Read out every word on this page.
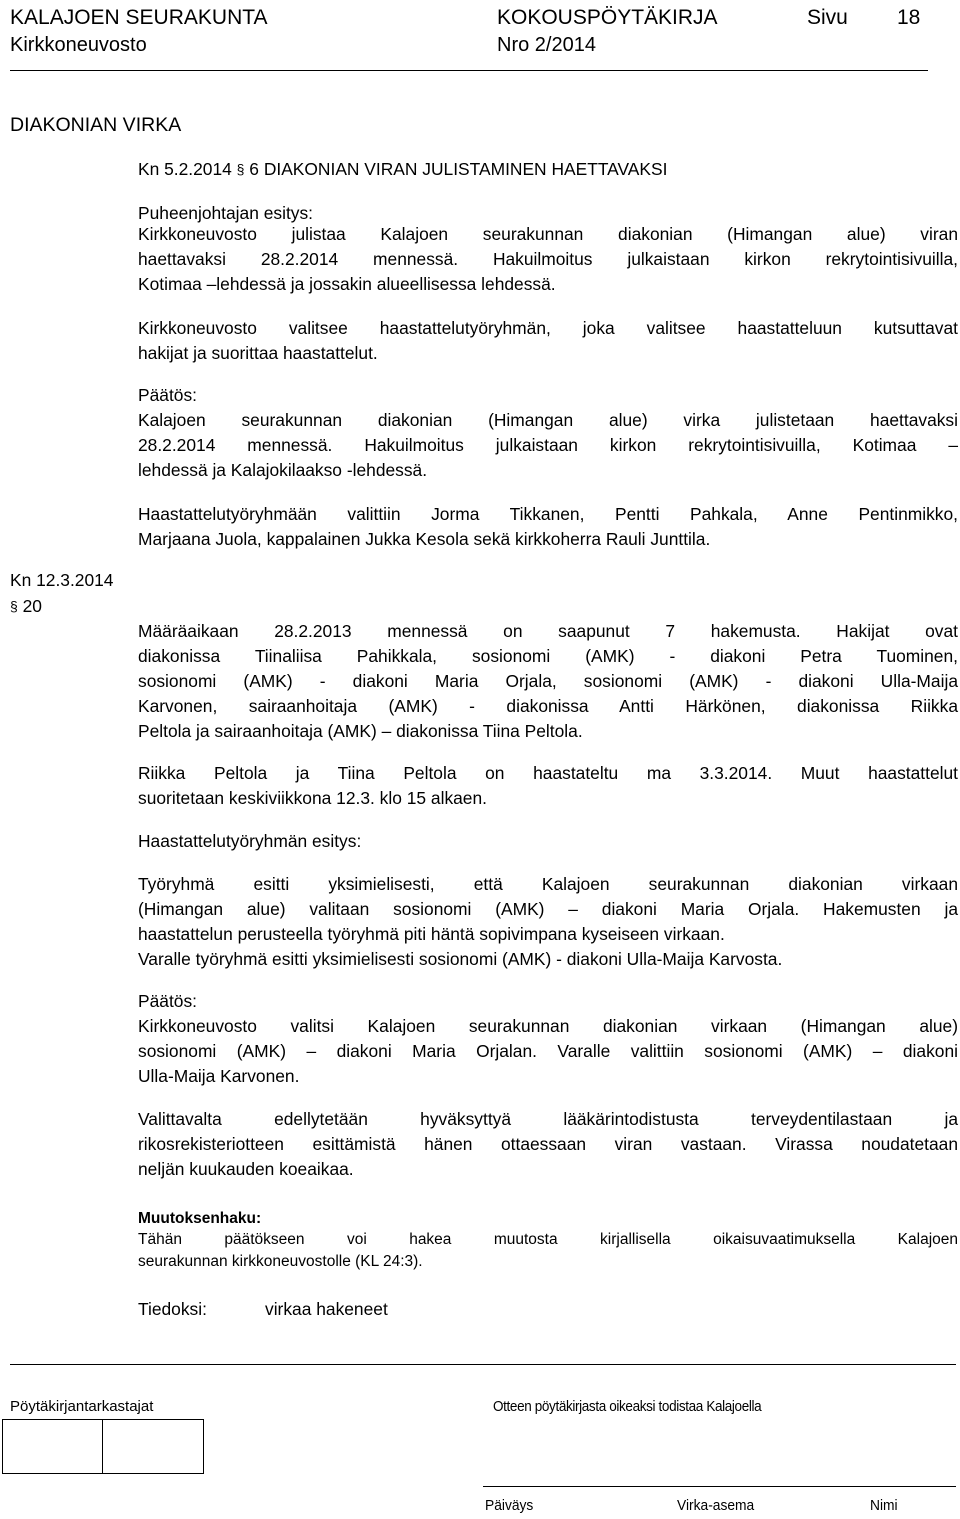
KALAJOEN SEURAKUNTA	KOKOUSPÖYTÄKIRJA	Sivu 18
Kirkkoneuvosto	Nro 2/2014
DIAKONIAN VIRKA
Kn 5.2.2014 § 6 DIAKONIAN VIRAN JULISTAMINEN HAETTAVAKSI
Puheenjohtajan esitys:
Kirkkoneuvosto julistaa Kalajoen seurakunnan diakonian (Himangan alue) viran
haettavaksi 28.2.2014 mennessä. Hakuilmoitus julkaistaan kirkon rekrytointisivuilla,
Kotimaa –lehdessä ja jossakin alueellisessa lehdessä.
Kirkkoneuvosto valitsee haastattelutyöryhmän, joka valitsee haastatteluun kutsuttavat
hakijat ja suorittaa haastattelut.
Päätös:
Kalajoen seurakunnan diakonian (Himangan alue) virka julistetaan haettavaksi
28.2.2014 mennessä. Hakuilmoitus julkaistaan kirkon rekrytointisivuilla, Kotimaa –
lehdessä ja Kalajokilaakso -lehdessä.
Haastattelutyöryhmään valittiin Jorma Tikkanen, Pentti Pahkala, Anne Pentinmikko,
Marjaana Juola, kappalainen Jukka Kesola sekä kirkkoherra Rauli Junttila.
Kn 12.3.2014
§ 20
Määräaikaan 28.2.2013 mennessä on saapunut 7 hakemusta. Hakijat ovat
diakonissa Tiinaliisa Pahikkala, sosionomi (AMK) - diakoni Petra Tuominen,
sosionomi (AMK) - diakoni Maria Orjala, sosionomi (AMK) - diakoni Ulla-Maija
Karvonen, sairaanhoitaja (AMK) - diakonissa Antti Härkönen, diakonissa Riikka
Peltola ja sairaanhoitaja (AMK) – diakonissa Tiina Peltola.
Riikka Peltola ja Tiina Peltola on haastateltu ma 3.3.2014. Muut haastattelut
suoritetaan keskiviikkona 12.3. klo 15 alkaen.
Haastattelutyöryhmän esitys:
Työryhmä esitti yksimielisesti, että Kalajoen seurakunnan diakonian virkaan
(Himangan alue) valitaan sosionomi (AMK) – diakoni Maria Orjala. Hakemusten ja
haastattelun perusteella työryhmä piti häntä sopivimpana kyseiseen virkaan.
Varalle työryhmä esitti yksimielisesti sosionomi (AMK) - diakoni Ulla-Maija Karvosta.
Päätös:
Kirkkoneuvosto valitsi Kalajoen seurakunnan diakonian virkaan (Himangan alue)
sosionomi (AMK) – diakoni Maria Orjalan. Varalle valittiin sosionomi (AMK) – diakoni
Ulla-Maija Karvonen.
Valittavalta edellytetään hyväksyttyä lääkärintodistusta terveydentilastaan ja
rikosrekisteriotteen esittämistä hänen ottaessaan viran vastaan. Virassa noudatetaan
neljän kuukauden koeaikaa.
Muutoksenhaku:
Tähän päätökseen voi hakea muutosta kirjallisella oikaisuvaatimuksella Kalajoen
seurakunnan kirkkoneuvostolle (KL 24:3).
Tiedoksi:	virkaa hakeneet
Pöytäkirjantarkastajat	Otteen pöytäkirjasta oikeaksi todistaa Kalajoella
Päiväys	Virka-asema	Nimi
